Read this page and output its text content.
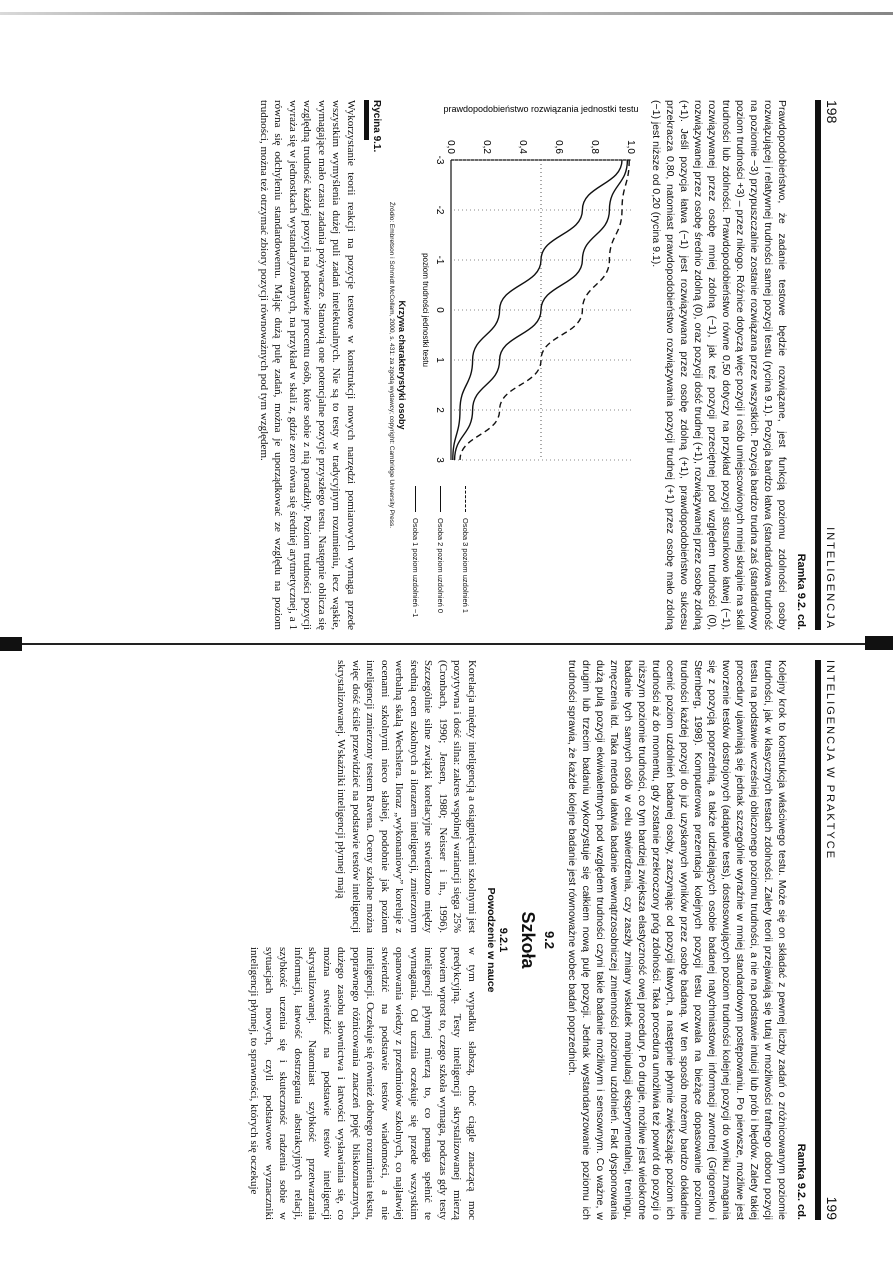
198
INTELIGENCJA
Ramka 9.2. cd.
Prawdopodobieństwo, że zadanie testowe będzie rozwiązane, jest funkcją poziomu zdolności osoby rozwiązującej i relatywnej trudności samej pozycji testu (rycina 9.1). Pozycja bardzo łatwa (standardowa trudność na poziomie −3) przypuszczalnie zostanie rozwiązana przez wszystkich. Pozycja bardzo trudna zaś (standardowy poziom trudności +3) – przez nikogo. Różnice dotyczą więc pozycji i osób umiejscowionych mniej skrajnie na skali trudności lub zdolności. Prawdopodobieństwo równe 0,50 dotyczy na przykład pozycji stosunkowo łatwej (−1), rozwiązywanej przez osobę mniej zdolną (−1), jak też pozycji przeciętnej pod względem trudności (0), rozwiązywanej przez osobę średnio zdolną (0), oraz pozycji dość trudnej (+1), rozwiązywanej przez osobę zdolną (+1). Jeśli pozycja łatwa (−1) jest rozwiązywana przez osobę zdolną (+1), prawdopodobieństwo sukcesu przekracza 0,80, natomiast prawdopodobieństwo rozwiązywania pozycji trudnej (+1) przez osobę mało zdolną (−1) jest niższe od 0,20 (rycina 9.1).
-3
-2
-1
0
1
2
3
0,0	0,2	0,4	0,6	0,8	1,0
poziom trudności jednostki testu
prawdopodobieństwo rozwiązania jednostki testu
Osoba 3 poziom uzdolnień 1
Osoba 2 poziom uzdolnień 0
Osoba 1 poziom uzdolnień −1
Krzywa charakterystyki osoby
Źródło: Embretson i Schmidt McCollam, 2000, s. 431: za zgodą wydawcy; copyright: Cambridge University Press.
Rycina 9.1.
Wykorzystanie teorii reakcji na pozycje testowe w konstrukcji nowych narzędzi pomiarowych wymaga przede wszystkim wymyślenia dużej puli zadań intelektualnych. Nie są to testy w tradycyjnym rozumieniu, lecz wąskie, wymagające mało czasu zadania pożywacze. Stanowią one potencjalne pozycje przyszłego testu. Następnie oblicza się względną trudność każdej pozycji na podstawie procentu osób, które sobie z nią poradziły. Poziom trudności pozycji wyraża się w jednostkach wystandaryzowanych, na przykład w skali z, gdzie zero równa się średniej arytmetycznej, a 1 równa się odchyleniu standardowemu. Mając dużą pulę zadań, można je uporządkować ze względu na poziom trudności, można też otrzymać zbiory pozycji równoważnych pod tym względem.
INTELIGENCJA W PRAKTYCE
199
Ramka 9.2. cd.
Kolejny krok to konstrukcja właściwego testu. Może się on składać z pewnej liczby zadań o zróżnicowanym poziomie trudności, jak w klasycznych testach zdolności. Zalety teorii przejawiają się tutaj w możliwości trafnego doboru pozycji testu na podstawie wcześniej obliczonego poziomu trudności, a nie na podstawie intuicji lub prób i błędów. Zalety takiej procedury ujawniają się jednak szczególnie wyraźnie w mniej standardowym postępowaniu. Po pierwsze, możliwe jest tworzenie testów dostrojonych (adaptive tests), dostosowujących poziom trudności kolejnej pozycji do wyniku zmagania się z pozycją poprzednią, a także udzielających osobie badanej natychmiastowej informacji zwrotnej (Grigorenko i Sternberg, 1998). Komputerowa prezentacja kolejnych pozycji testu pozwala na bieżące dopasowanie poziomu trudności każdej pozycji do już uzyskanych wyników przez osobę badaną. W ten sposób możemy bardzo dokładnie ocenić poziom uzdolnień badanej osoby, zaczynając od pozycji łatwych, a następnie płynnie zwiększając poziom ich trudności aż do momentu, gdy zostanie przekroczony próg zdolności. Taka procedura umożliwia też powrót do pozycji o niższym poziomie trudności, co tym bardziej zwiększa elastyczność owej procedury. Po drugie, możliwe jest wielokrotne badanie tych samych osób w celu stwierdzenia, czy zaszły zmiany wskutek manipulacji eksperymentalnej, treningu, zmęczenia itd. Taka metoda ułatwia badanie wewnątrzosobniczej zmienności poziomu uzdolnień. Fakt dysponowania dużą pulą pozycji ekwiwalentnych pod względem trudności czyni takie badanie możliwym i sensownym. Co ważne, w drugim lub trzecim badaniu wykorzystuje się całkiem nową pulę pozycji. Jednak wystandaryzowanie poziomu ich trudności sprawia, że każde kolejne badanie jest równoważne wobec badań poprzednich.
9.2
Szkoła
9.2.1
Powodzenie w nauce
Korelacja między inteligencją a osiągnięciami szkolnymi jest pozytywna i dość silna: zakres wspólnej wariancji sięga 25% (Cronbach, 1990; Jensen, 1980; Neisser i in., 1996). Szczególnie silne związki korelacyjne stwierdzono między średnią ocen szkolnych a ilorazem inteligencji, zmierzonym werbalną skalą Wechslera. Iloraz „wykonaniowy” koreluje z ocenami szkolnymi nieco słabiej, podobnie jak poziom inteligencji zmierzony testem Ravena. Oceny szkolne można więc dość ściśle przewidzieć na podstawie testów inteligencji skrystalizowanej. Wskaźniki inteligencji płynnej mają
w tym wypadku słabszą, choć ciągle znaczącą moc predykcyjną. Testy inteligencji skrystalizowanej mierzą bowiem wprost to, czego szkoła wymaga, podczas gdy testy inteligencji płynnej mierzą to, co pomaga spełnić te wymagania. Od ucznia oczekuje się przede wszystkim opanowania wiedzy z przedmiotów szkolnych, co najłatwiej stwierdzić na podstawie testów wiadomości, a nie inteligencji. Oczekuje się również dobrego rozumienia tekstu, poprawnego różnicowania znaczeń pojęć bliskoznacznych, dużego zasobu słownictwa i łatwości wysławiania się, co można stwierdzić na podstawie testów inteligencji skrystalizowanej. Natomiast szybkość przetwarzania informacji, łatwość dostrzegania abstrakcyjnych relacji, szybkość uczenia się i skuteczność radzenia sobie w sytuacjach nowych, czyli podstawowe wyznaczniki inteligencji płynnej, to sprawności, których się oczekuje
